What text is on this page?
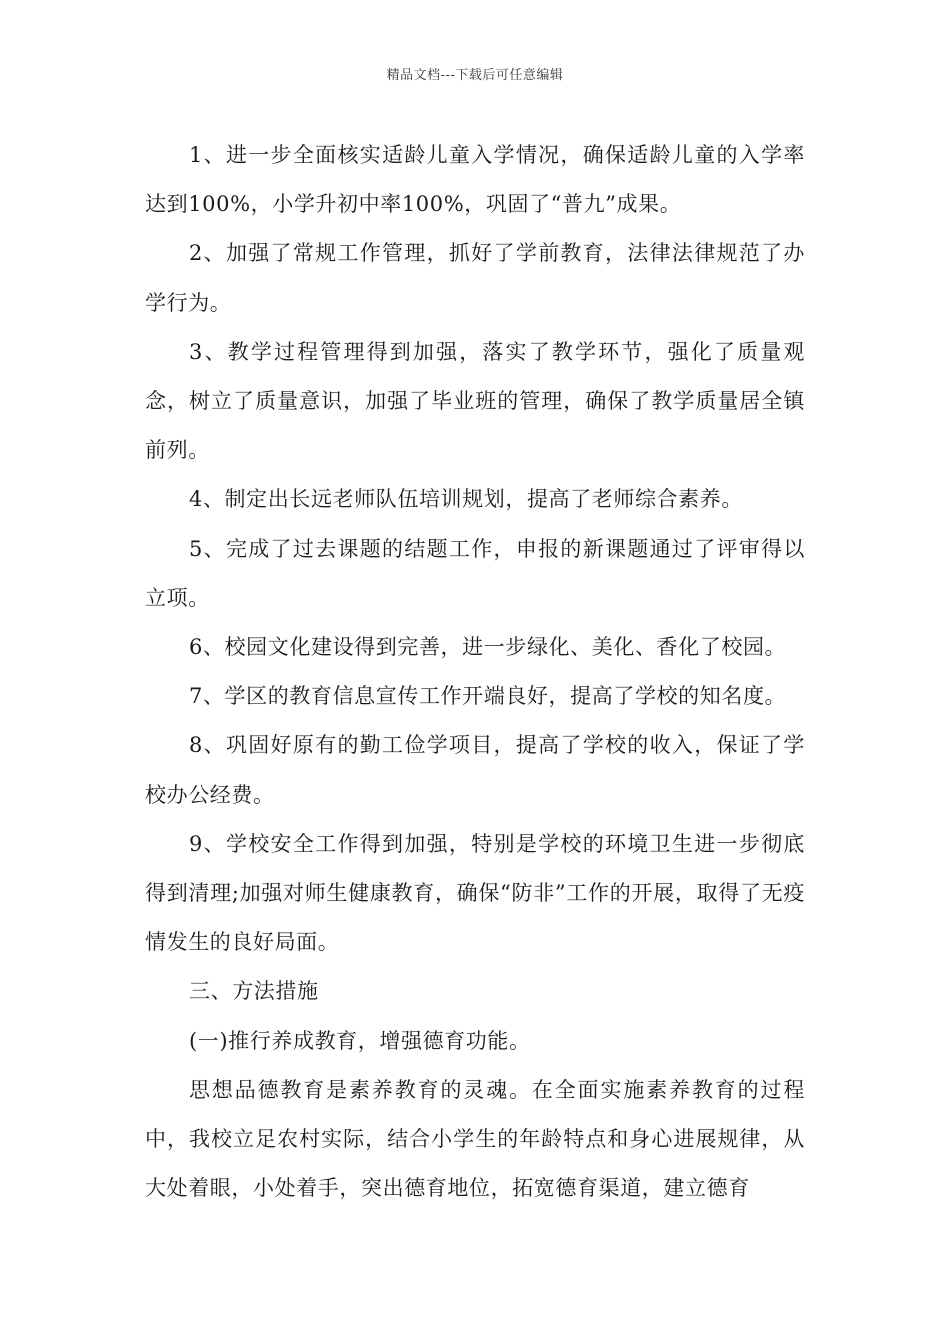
精品文档---下载后可任意编辑

1、进一步全面核实适龄儿童入学情况，确保适龄儿童的入学率达到100%，小学升初中率100%，巩固了“普九”成果。

2、加强了常规工作管理，抓好了学前教育，法律法律规范了办学行为。

3、教学过程管理得到加强，落实了教学环节，强化了质量观念，树立了质量意识，加强了毕业班的管理，确保了教学质量居全镇前列。

4、制定出长远老师队伍培训规划，提高了老师综合素养。

5、完成了过去课题的结题工作，申报的新课题通过了评审得以立项。

6、校园文化建设得到完善，进一步绿化、美化、香化了校园。

7、学区的教育信息宣传工作开端良好，提高了学校的知名度。

8、巩固好原有的勤工俭学项目，提高了学校的收入，保证了学校办公经费。

9、学校安全工作得到加强，特别是学校的环境卫生进一步彻底得到清理;加强对师生健康教育，确保“防非”工作的开展，取得了无疫情发生的良好局面。

三、方法措施

(一)推行养成教育，增强德育功能。

思想品德教育是素养教育的灵魂。在全面实施素养教育的过程中，我校立足农村实际，结合小学生的年龄特点和身心进展规律，从大处着眼，小处着手，突出德育地位，拓宽德育渠道，建立德育
